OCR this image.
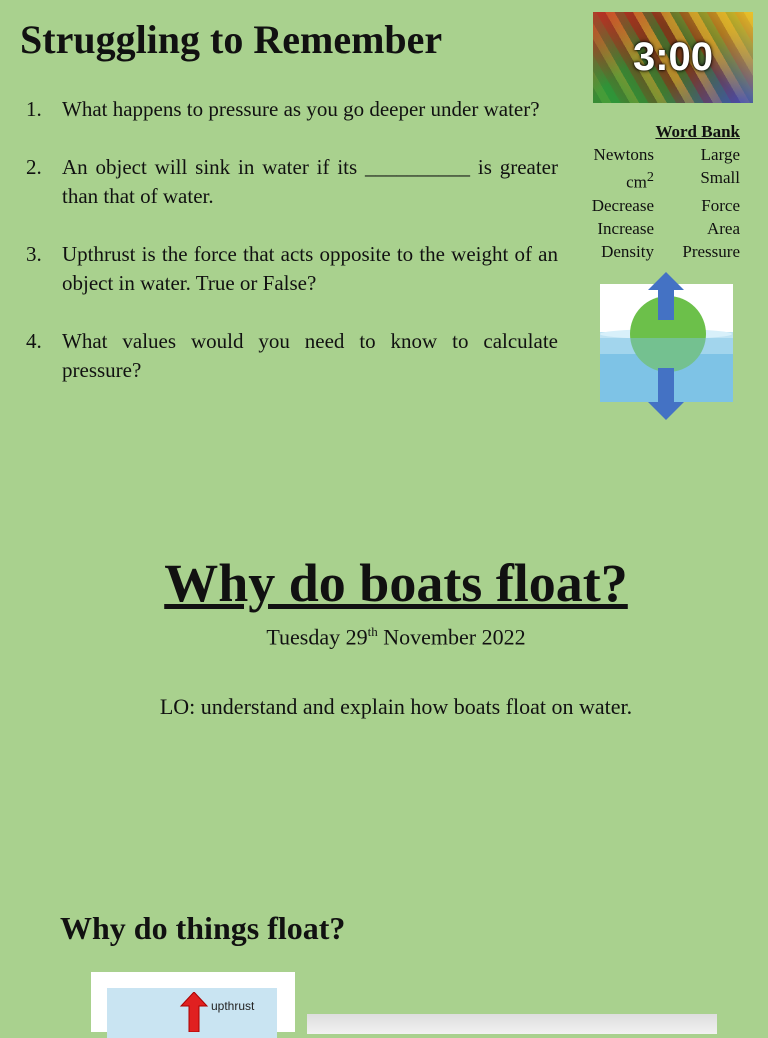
Struggling to Remember
1. What happens to pressure as you go deeper under water?
2. An object will sink in water if its __________ is greater than that of water.
3. Upthrust is the force that acts opposite to the weight of an object in water. True or False?
4. What values would you need to know to calculate pressure?
3:00
Word Bank
Newtons	Large
$cm^2$	Small
Decrease	Force
Increase	Area
Density	Pressure
Why do boats float?
Tuesday 29th November 2022
LO: understand and explain how boats float on water.
Why do things float?
upthrust
